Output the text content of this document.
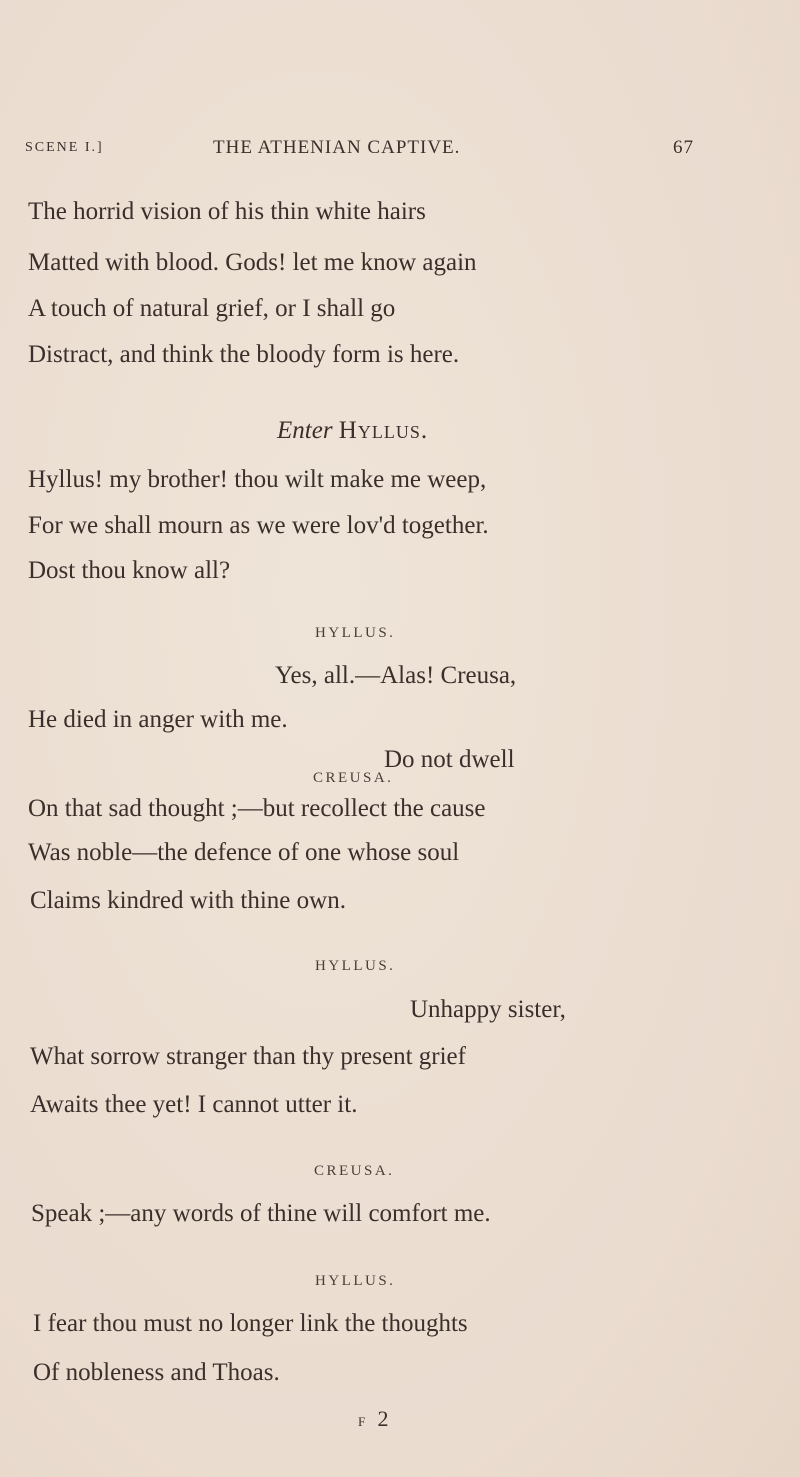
SCENE I.]	THE ATHENIAN CAPTIVE.	67
The horrid vision of his thin white hairs
Matted with blood. Gods! let me know again
A touch of natural grief, or I shall go
Distract, and think the bloody form is here.
Enter Hyllus.
Hyllus! my brother! thou wilt make me weep,
For we shall mourn as we were lov'd together.
Dost thou know all?
HYLLUS.
Yes, all.—Alas! Creusa,
He died in anger with me.
CREUSA.
Do not dwell
On that sad thought ;—but recollect the cause
Was noble—the defence of one whose soul
Claims kindred with thine own.
HYLLUS.
Unhappy sister,
What sorrow stranger than thy present grief
Awaits thee yet! I cannot utter it.
CREUSA.
Speak ;—any words of thine will comfort me.
HYLLUS.
I fear thou must no longer link the thoughts
Of nobleness and Thoas.
F 2
